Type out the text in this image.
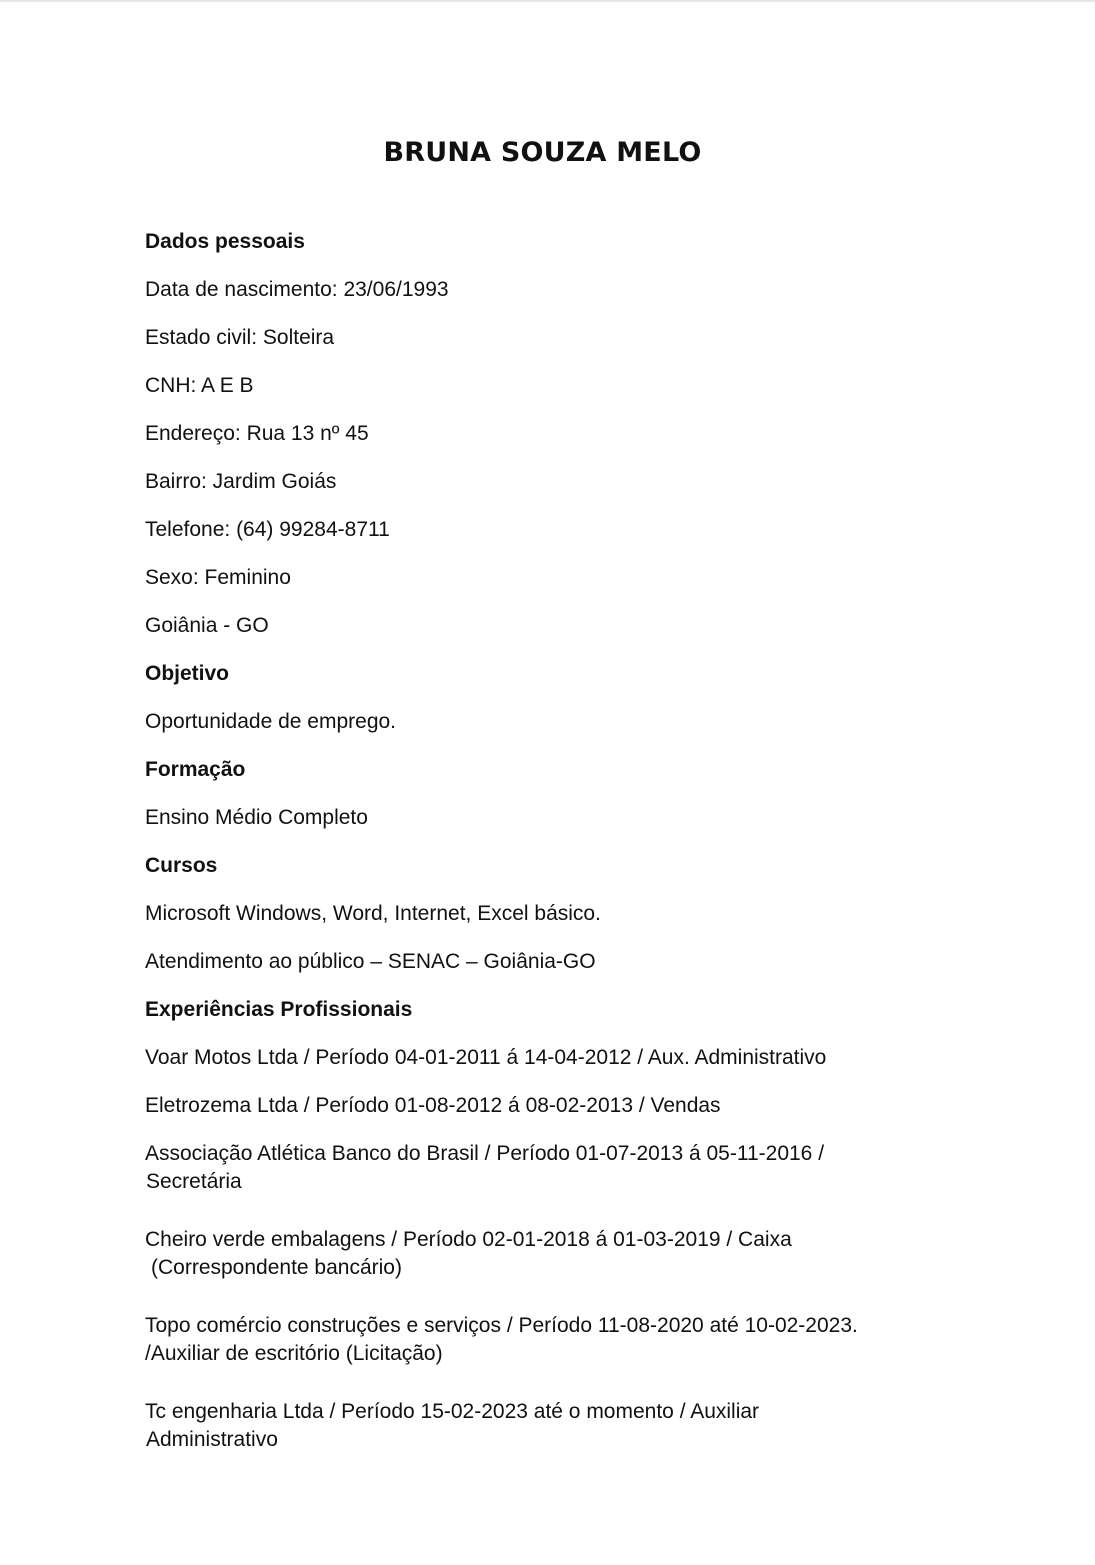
BRUNA SOUZA MELO
Dados pessoais
Data de nascimento: 23/06/1993
Estado civil: Solteira
CNH: A E B
Endereço: Rua 13 nº 45
Bairro: Jardim Goiás
Telefone: (64) 99284-8711
Sexo: Feminino
Goiânia - GO
Objetivo
Oportunidade de emprego.
Formação
Ensino Médio Completo
Cursos
Microsoft Windows, Word, Internet, Excel básico.
Atendimento ao público – SENAC – Goiânia-GO
Experiências Profissionais
Voar Motos Ltda / Período 04-01-2011 á 14-04-2012 / Aux. Administrativo
Eletrozema Ltda / Período 01-08-2012 á 08-02-2013 / Vendas
Associação Atlética Banco do Brasil / Período 01-07-2013 á 05-11-2016 /
Secretária
Cheiro verde embalagens / Período 02-01-2018 á 01-03-2019 / Caixa
(Correspondente bancário)
Topo comércio construções e serviços / Período 11-08-2020 até 10-02-2023.
/Auxiliar de escritório (Licitação)
Tc engenharia Ltda / Período 15-02-2023 até o momento / Auxiliar
Administrativo
